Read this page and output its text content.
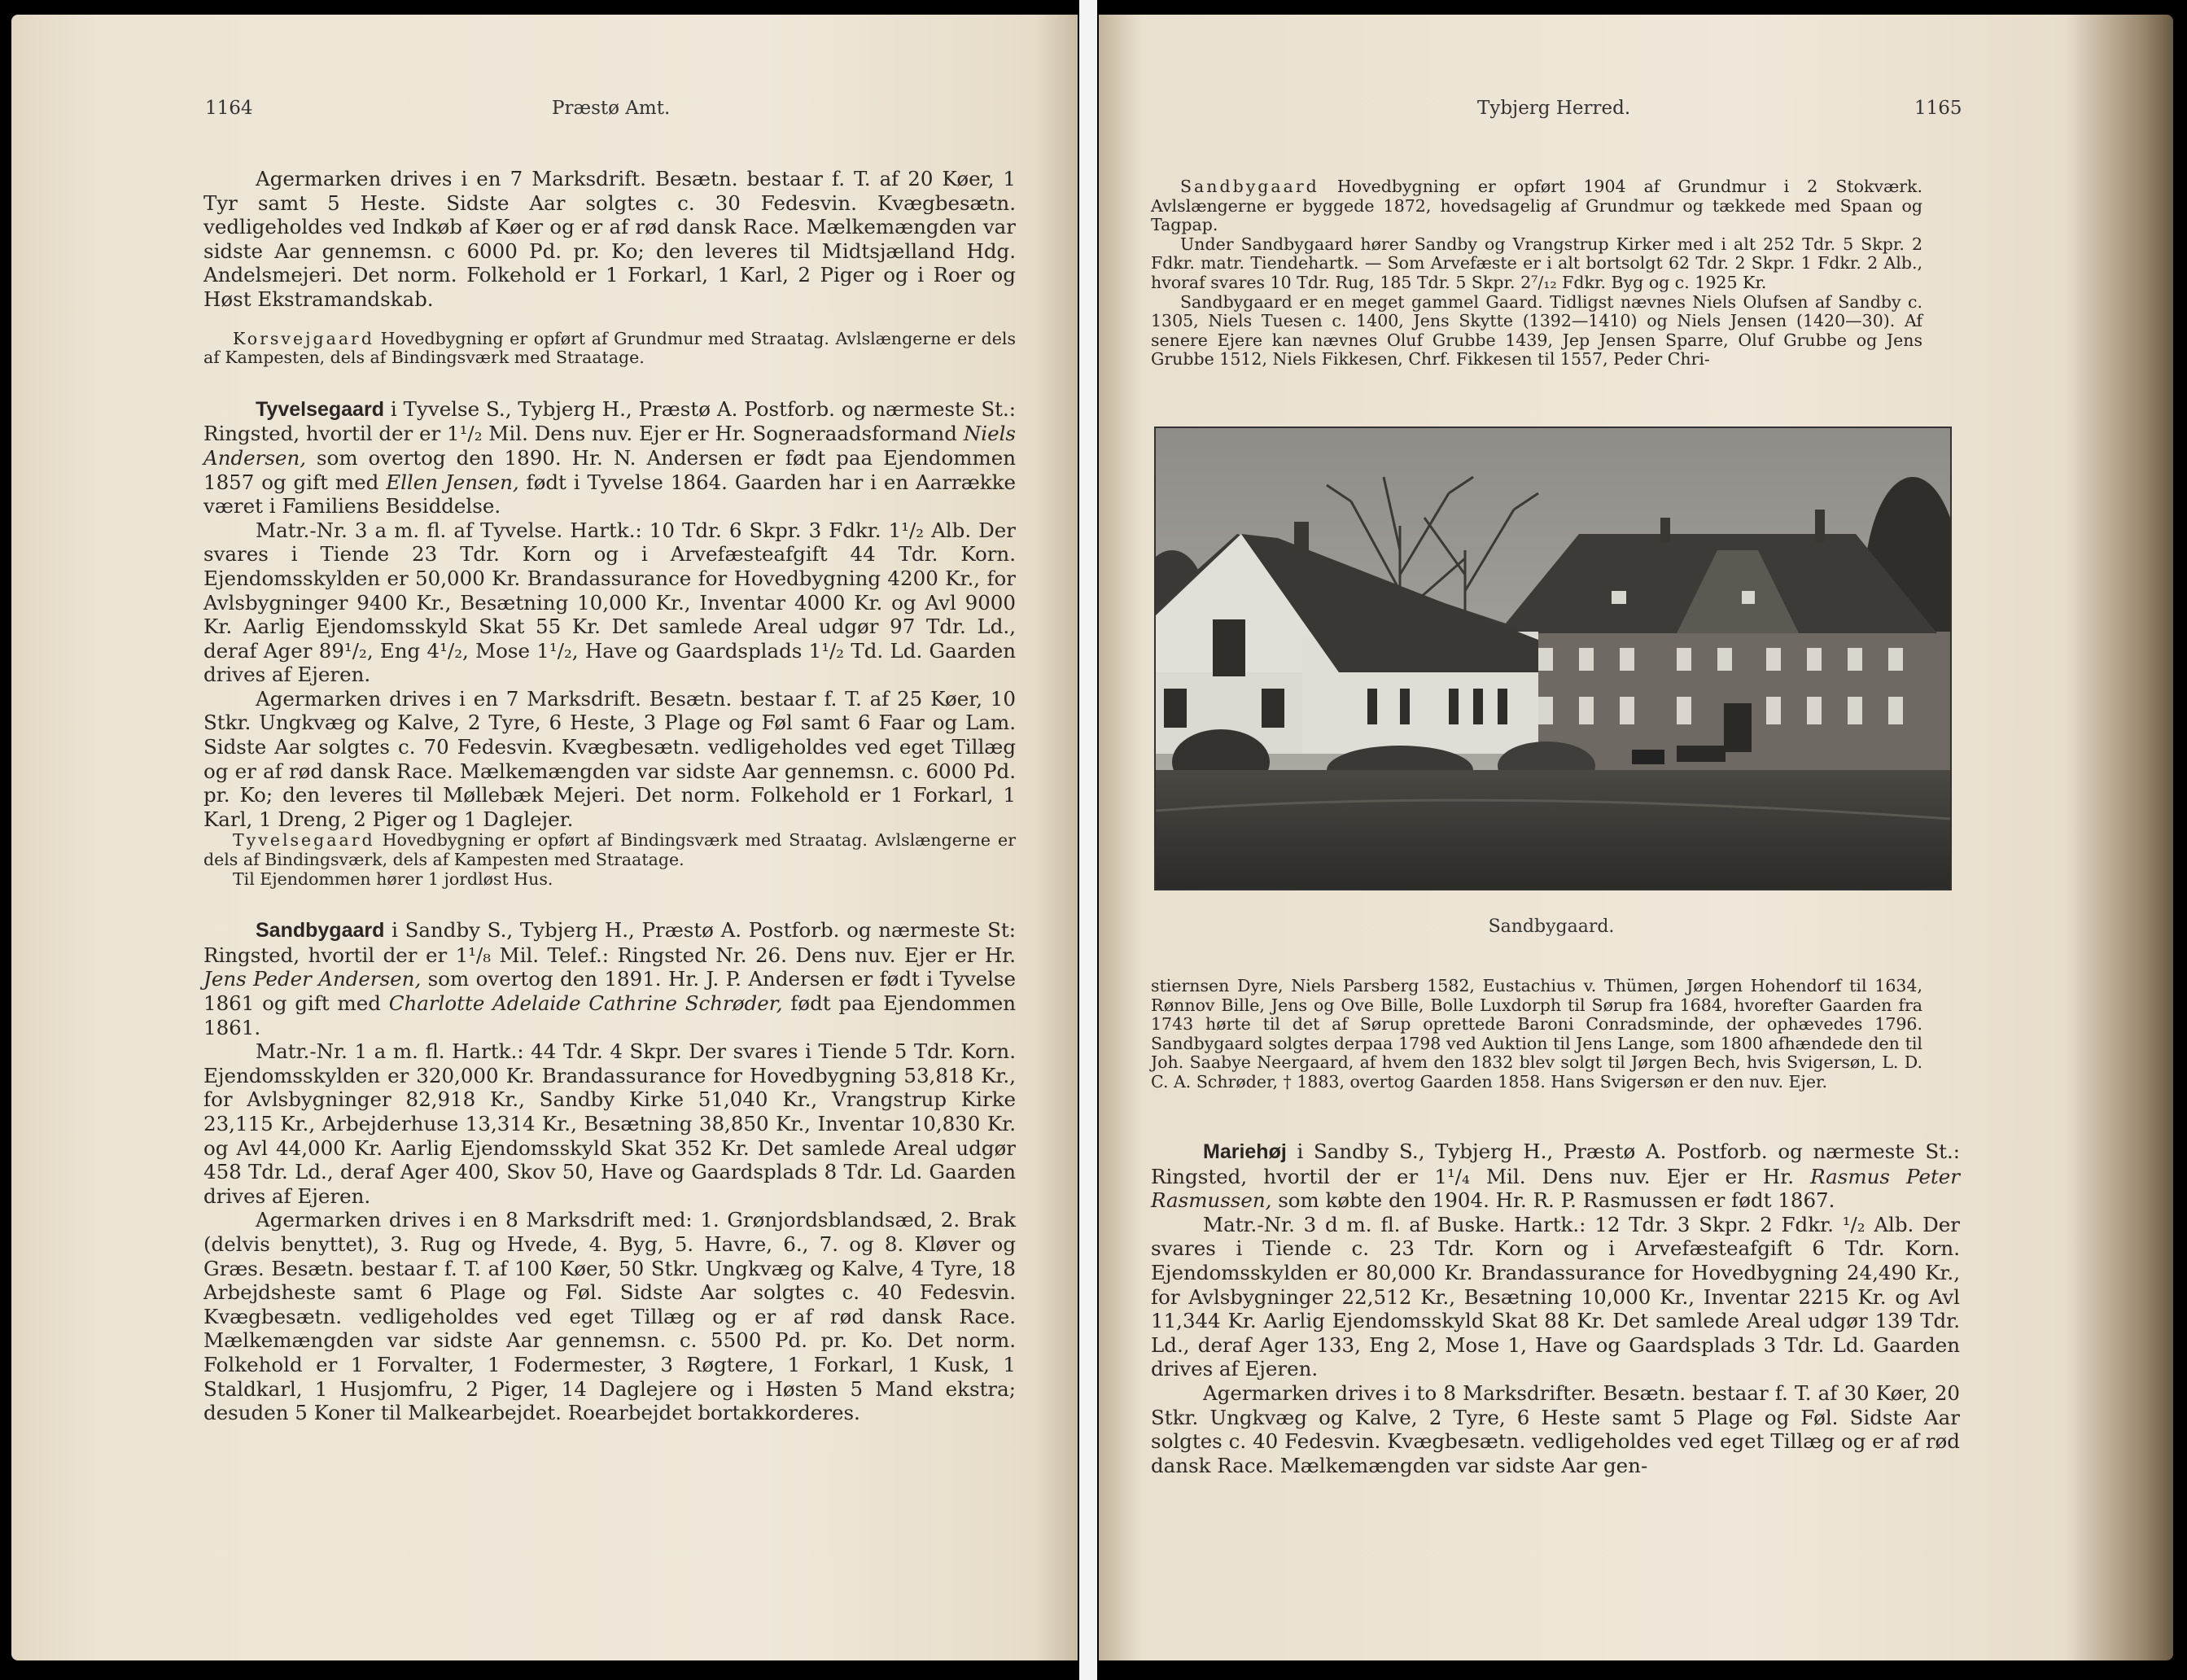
1164	Præstø Amt.

Agermarken drives i en 7 Marksdrift. Besætn. bestaar f. T. af 20 Køer, 1 Tyr samt 5 Heste. Sidste Aar solgtes c. 30 Fedesvin. Kvægbesætn. vedligeholdes ved Indkøb af Køer og er af rød dansk Race. Mælkemængden var sidste Aar gennemsn. c 6000 Pd. pr. Ko; den leveres til Midtsjælland Hdg. Andelsmejeri. Det norm. Folkehold er 1 Forkarl, 1 Karl, 2 Piger og i Roer og Høst Ekstramandskab.

Korsvejgaard Hovedbygning er opført af Grundmur med Straatag. Avlslængerne er dels af Kampesten, dels af Bindingsværk med Straatage.

Tyvelsegaard i Tyvelse S., Tybjerg H., Præstø A. Postforb. og nærmeste St.: Ringsted, hvortil der er 1¹/₂ Mil. Dens nuv. Ejer er Hr. Sogneraadsformand Niels Andersen, som overtog den 1890. Hr. N. Andersen er født paa Ejendommen 1857 og gift med Ellen Jensen, født i Tyvelse 1864. Gaarden har i en Aarrække været i Familiens Besiddelse.

Matr.-Nr. 3 a m. fl. af Tyvelse. Hartk.: 10 Tdr. 6 Skpr. 3 Fdkr. 1¹/₂ Alb. Der svares i Tiende 23 Tdr. Korn og i Arvefæsteafgift 44 Tdr. Korn. Ejendomsskylden er 50,000 Kr. Brandassurance for Hovedbygning 4200 Kr., for Avlsbygninger 9400 Kr., Besætning 10,000 Kr., Inventar 4000 Kr. og Avl 9000 Kr. Aarlig Ejendomsskyld Skat 55 Kr. Det samlede Areal udgør 97 Tdr. Ld., deraf Ager 89¹/₂, Eng 4¹/₂, Mose 1¹/₂, Have og Gaardsplads 1¹/₂ Td. Ld. Gaarden drives af Ejeren.

Agermarken drives i en 7 Marksdrift. Besætn. bestaar f. T. af 25 Køer, 10 Stkr. Ungkvæg og Kalve, 2 Tyre, 6 Heste, 3 Plage og Føl samt 6 Faar og Lam. Sidste Aar solgtes c. 70 Fedesvin. Kvægbesætn. vedligeholdes ved eget Tillæg og er af rød dansk Race. Mælkemængden var sidste Aar gennemsn. c. 6000 Pd. pr. Ko; den leveres til Møllebæk Mejeri. Det norm. Folkehold er 1 Forkarl, 1 Karl, 1 Dreng, 2 Piger og 1 Daglejer.

Tyvelsegaard Hovedbygning er opført af Bindingsværk med Straatag. Avlslængerne er dels af Bindingsværk, dels af Kampesten med Straatage.

Til Ejendommen hører 1 jordløst Hus.

Sandbygaard i Sandby S., Tybjerg H., Præstø A. Postforb. og nærmeste St: Ringsted, hvortil der er 1¹/₈ Mil. Telef.: Ringsted Nr. 26. Dens nuv. Ejer er Hr. Jens Peder Andersen, som overtog den 1891. Hr. J. P. Andersen er født i Tyvelse 1861 og gift med Charlotte Adelaide Cathrine Schrøder, født paa Ejendommen 1861.

Matr.-Nr. 1 a m. fl. Hartk.: 44 Tdr. 4 Skpr. Der svares i Tiende 5 Tdr. Korn. Ejendomsskylden er 320,000 Kr. Brandassurance for Hovedbygning 53,818 Kr., for Avlsbygninger 82,918 Kr., Sandby Kirke 51,040 Kr., Vrangstrup Kirke 23,115 Kr., Arbejderhuse 13,314 Kr., Besætning 38,850 Kr., Inventar 10,830 Kr. og Avl 44,000 Kr. Aarlig Ejendomsskyld Skat 352 Kr. Det samlede Areal udgør 458 Tdr. Ld., deraf Ager 400, Skov 50, Have og Gaardsplads 8 Tdr. Ld. Gaarden drives af Ejeren.

Agermarken drives i en 8 Marksdrift med: 1. Grønjordsblandsæd, 2. Brak (delvis benyttet), 3. Rug og Hvede, 4. Byg, 5. Havre, 6., 7. og 8. Kløver og Græs. Besætn. bestaar f. T. af 100 Køer, 50 Stkr. Ungkvæg og Kalve, 4 Tyre, 18 Arbejdsheste samt 6 Plage og Føl. Sidste Aar solgtes c. 40 Fedesvin. Kvægbesætn. vedligeholdes ved eget Tillæg og er af rød dansk Race. Mælkemængden var sidste Aar gennemsn. c. 5500 Pd. pr. Ko. Det norm. Folkehold er 1 Forvalter, 1 Fodermester, 3 Røgtere, 1 Forkarl, 1 Kusk, 1 Staldkarl, 1 Husjomfru, 2 Piger, 14 Daglejere og i Høsten 5 Mand ekstra; desuden 5 Koner til Malkearbejdet. Roearbejdet bortakkorderes.

Tybjerg Herred.	1165

Sandbygaard Hovedbygning er opført 1904 af Grundmur i 2 Stokværk. Avlslængerne er byggede 1872, hovedsagelig af Grundmur og tækkede med Spaan og Tagpap.

Under Sandbygaard hører Sandby og Vrangstrup Kirker med i alt 252 Tdr. 5 Skpr. 2 Fdkr. matr. Tiendehartk. — Som Arvefæste er i alt bortsolgt 62 Tdr. 2 Skpr. 1 Fdkr. 2 Alb., hvoraf svares 10 Tdr. Rug, 185 Tdr. 5 Skpr. 2⁷/₁₂ Fdkr. Byg og c. 1925 Kr.

Sandbygaard er en meget gammel Gaard. Tidligst nævnes Niels Olufsen af Sandby c. 1305, Niels Tuesen c. 1400, Jens Skytte (1392—1410) og Niels Jensen (1420—30). Af senere Ejere kan nævnes Oluf Grubbe 1439, Jep Jensen Sparre, Oluf Grubbe og Jens Grubbe 1512, Niels Fikkesen, Chrf. Fikkesen til 1557, Peder Chri-

Sandbygaard.

stiernsen Dyre, Niels Parsberg 1582, Eustachius v. Thümen, Jørgen Hohendorf til 1634, Rønnov Bille, Jens og Ove Bille, Bolle Luxdorph til Sørup fra 1684, hvorefter Gaarden fra 1743 hørte til det af Sørup oprettede Baroni Conradsminde, der ophævedes 1796. Sandbygaard solgtes derpaa 1798 ved Auktion til Jens Lange, som 1800 afhændede den til Joh. Saabye Neergaard, af hvem den 1832 blev solgt til Jørgen Bech, hvis Svigersøn, L. D. C. A. Schrøder, † 1883, overtog Gaarden 1858. Hans Svigersøn er den nuv. Ejer.

Mariehøj i Sandby S., Tybjerg H., Præstø A. Postforb. og nærmeste St.: Ringsted, hvortil der er 1¹/₄ Mil. Dens nuv. Ejer er Hr. Rasmus Peter Rasmussen, som købte den 1904. Hr. R. P. Rasmussen er født 1867.

Matr.-Nr. 3 d m. fl. af Buske. Hartk.: 12 Tdr. 3 Skpr. 2 Fdkr. ¹/₂ Alb. Der svares i Tiende c. 23 Tdr. Korn og i Arvefæsteafgift 6 Tdr. Korn. Ejendomsskylden er 80,000 Kr. Brandassurance for Hovedbygning 24,490 Kr., for Avlsbygninger 22,512 Kr., Besætning 10,000 Kr., Inventar 2215 Kr. og Avl 11,344 Kr. Aarlig Ejendomsskyld Skat 88 Kr. Det samlede Areal udgør 139 Tdr. Ld., deraf Ager 133, Eng 2, Mose 1, Have og Gaardsplads 3 Tdr. Ld. Gaarden drives af Ejeren.

Agermarken drives i to 8 Marksdrifter. Besætn. bestaar f. T. af 30 Køer, 20 Stkr. Ungkvæg og Kalve, 2 Tyre, 6 Heste samt 5 Plage og Føl. Sidste Aar solgtes c. 40 Fedesvin. Kvægbesætn. vedligeholdes ved eget Tillæg og er af rød dansk Race. Mælkemængden var sidste Aar gen-
